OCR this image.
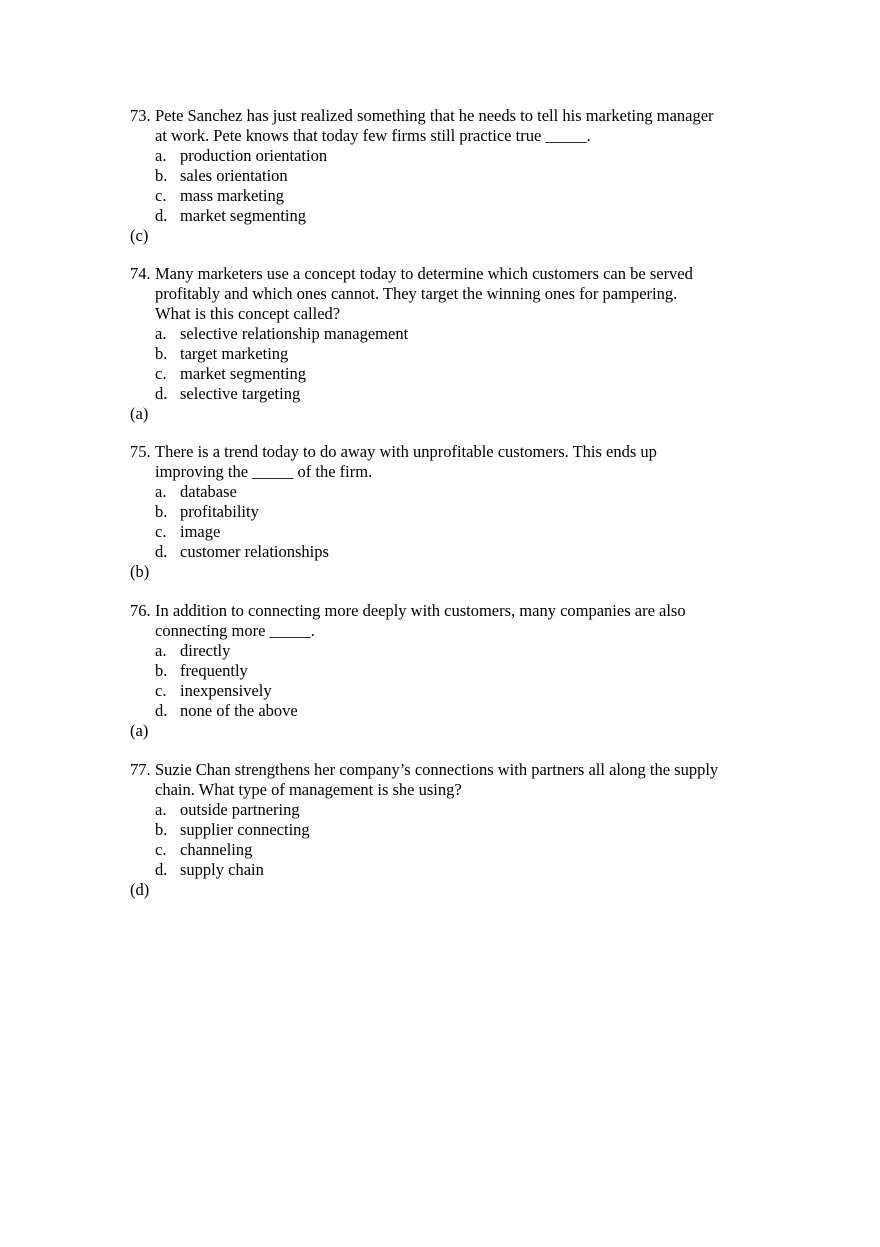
73. Pete Sanchez has just realized something that he needs to tell his marketing manager
at work. Pete knows that today few firms still practice true _____.
a. production orientation
b. sales orientation
c. mass marketing
d. market segmenting
(c)
74. Many marketers use a concept today to determine which customers can be served
profitably and which ones cannot. They target the winning ones for pampering.
What is this concept called?
a. selective relationship management
b. target marketing
c. market segmenting
d. selective targeting
(a)
75. There is a trend today to do away with unprofitable customers. This ends up
improving the _____ of the firm.
a. database
b. profitability
c. image
d. customer relationships
(b)
76. In addition to connecting more deeply with customers, many companies are also
connecting more _____.
a. directly
b. frequently
c. inexpensively
d. none of the above
(a)
77. Suzie Chan strengthens her company’s connections with partners all along the supply
chain. What type of management is she using?
a. outside partnering
b. supplier connecting
c. channeling
d. supply chain
(d)
